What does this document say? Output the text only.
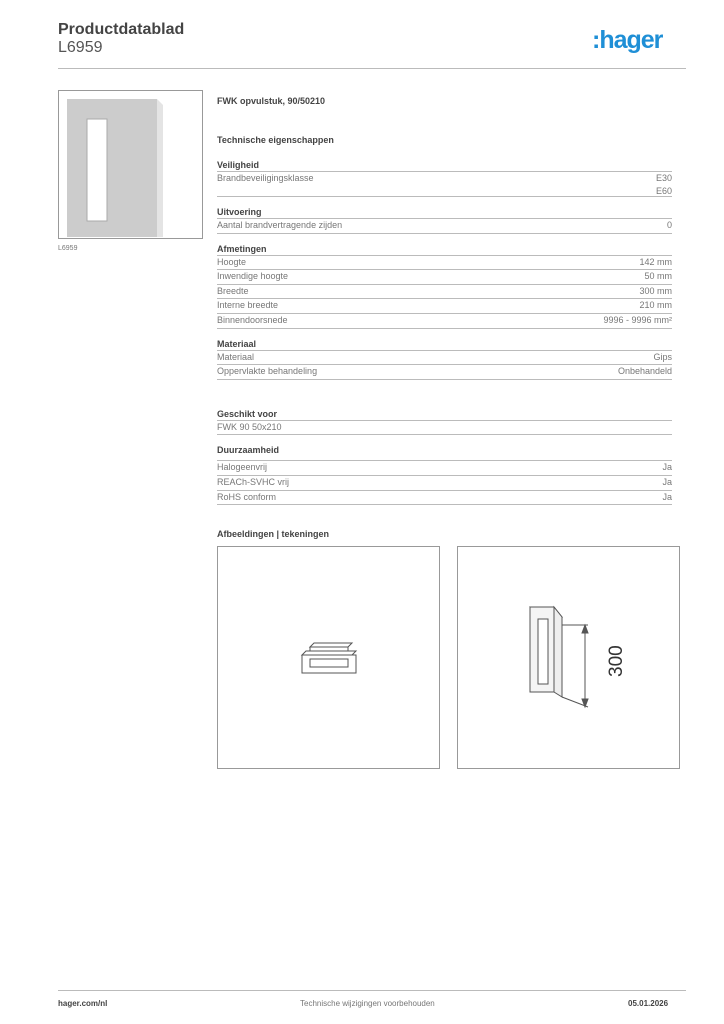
Productdatablad
L6959	:hager
L6959
FWK opvulstuk, 90/50210
Technische eigenschappen
Veiligheid
Brandbeveiligingsklasse	E30
E60
Uitvoering
Aantal brandvertragende zijden	0
Afmetingen
Hoogte	142 mm
Inwendige hoogte	50 mm
Breedte	300 mm
Interne breedte	210 mm
Binnendoorsnede	9996 - 9996 mm²
Materiaal
Materiaal	Gips
Oppervlakte behandeling	Onbehandeld
Geschikt voor
FWK 90 50x210
Duurzaamheid
Halogeenvrij	Ja
REACh-SVHC vrij	Ja
RoHS conform	Ja
Afbeeldingen | tekeningen
300
hager.com/nl	Technische wijzigingen voorbehouden	05.01.2026
